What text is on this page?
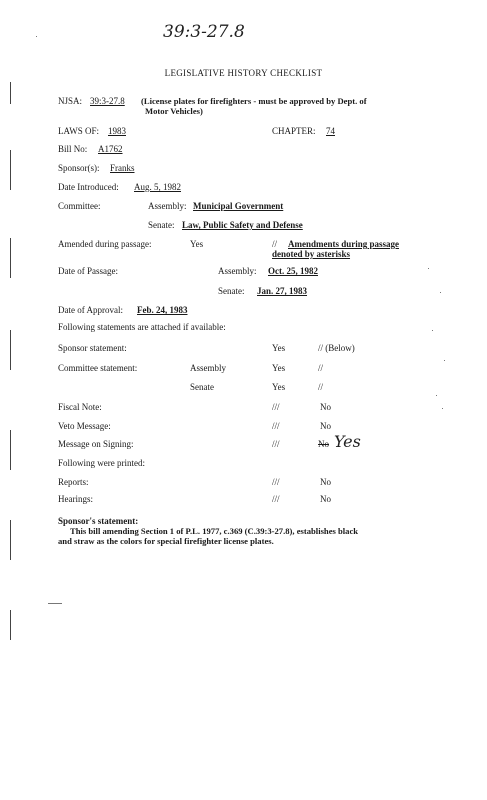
39:3-27.8
LEGISLATIVE HISTORY CHECKLIST
NJSA: 39:3-27.8 (License plates for firefighters - must be approved by Dept. of
Motor Vehicles)
LAWS OF: 1983	CHAPTER: 74
Bill No: A1762
Sponsor(s): Franks
Date Introduced: Aug. 5, 1982
Committee:	Assembly: Municipal Government
Senate: Law, Public Safety and Defense
Amended during passage:	Yes	// Amendments during passage
denoted by asterisks
Date of Passage:	Assembly: Oct. 25, 1982
Senate: Jan. 27, 1983
Date of Approval: Feb. 24, 1983
Following statements are attached if available:
Sponsor statement:	Yes	// (Below)
Committee statement:	Assembly	Yes	//
Senate	Yes	//
Fiscal Note:	///	No
Veto Message:	///	No
Message on Signing:	///	No Yes
Following were printed:
Reports:	///	No
Hearings:	///	No
Sponsor's statement:
This bill amending Section 1 of P.L. 1977, c.369 (C.39:3-27.8), establishes black
and straw as the colors for special firefighter license plates.
